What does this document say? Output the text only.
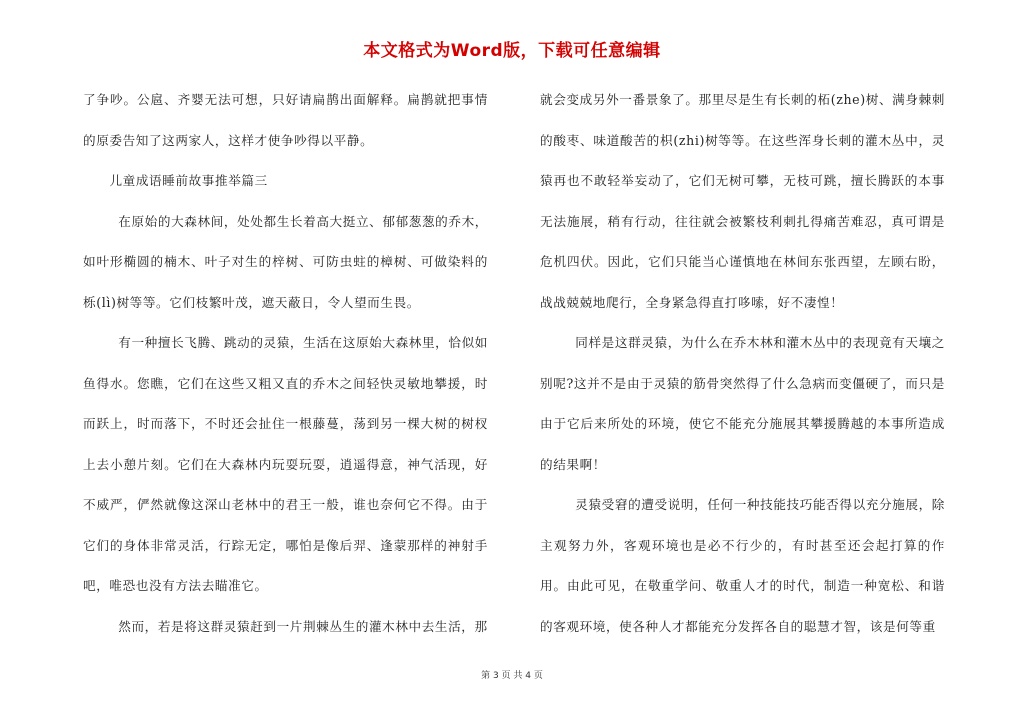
本文格式为Word版，下载可任意编辑

了争吵。公扈、齐婴无法可想，只好请扁鹊出面解释。扁鹊就把事情的原委告知了这两家人，这样才使争吵得以平静。

儿童成语睡前故事推举篇三

在原始的大森林间，处处都生长着高大挺立、郁郁葱葱的乔木，如叶形椭圆的楠木、叶子对生的梓树、可防虫蛀的樟树、可做染料的栎(lì)树等等。它们枝繁叶茂，遮天蔽日，令人望而生畏。

有一种擅长飞腾、跳动的灵猿，生活在这原始大森林里，恰似如鱼得水。您瞧，它们在这些又粗又直的乔木之间轻快灵敏地攀援，时而跃上，时而落下，不时还会扯住一根藤蔓，荡到另一棵大树的树杈上去小憩片刻。它们在大森林内玩耍玩耍，逍遥得意，神气活现，好不威严，俨然就像这深山老林中的君王一般，谁也奈何它不得。由于它们的身体非常灵活，行踪无定，哪怕是像后羿、逢蒙那样的神射手吧，唯恐也没有方法去瞄准它。

然而，若是将这群灵猿赶到一片荆棘丛生的灌木林中去生活，那

就会变成另外一番景象了。那里尽是生有长刺的柘(zhe)树、满身棘刺的酸枣、味道酸苦的枳(zhi)树等等。在这些浑身长刺的灌木丛中，灵猿再也不敢轻举妄动了，它们无树可攀，无枝可跳，擅长腾跃的本事无法施展，稍有行动，往往就会被繁枝利刺扎得痛苦难忍，真可谓是危机四伏。因此，它们只能当心谨慎地在林间东张西望，左顾右盼，战战兢兢地爬行，全身紧急得直打哆嗦，好不凄惶！

同样是这群灵猿，为什么在乔木林和灌木丛中的表现竟有天壤之别呢?这并不是由于灵猿的筋骨突然得了什么急病而变僵硬了，而只是由于它后来所处的环境，使它不能充分施展其攀援腾越的本事所造成的结果啊！

灵猿受窘的遭受说明，任何一种技能技巧能否得以充分施展，除主观努力外，客观环境也是必不行少的，有时甚至还会起打算的作用。由此可见，在敬重学问、敬重人才的时代，制造一种宽松、和谐的客观环境，使各种人才都能充分发挥各自的聪慧才智，该是何等重

第 3 页 共 4 页
